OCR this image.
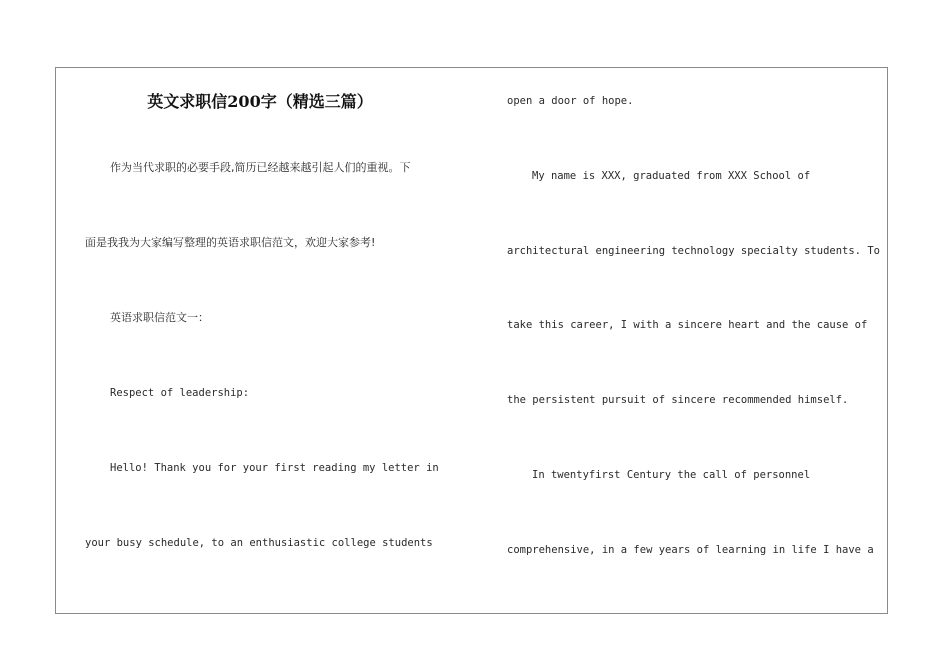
英文求职信200字（精选三篇）
作为当代求职的必要手段,简历已经越来越引起人们的重视。下
面是我我为大家编写整理的英语求职信范文，欢迎大家参考!
英语求职信范文一：
Respect of leadership:
Hello! Thank you for your first reading my letter in
your busy schedule, to an enthusiastic college students
open a door of hope.
My name is XXX, graduated from XXX School of
architectural engineering technology specialty students. To
take this career, I with a sincere heart and the cause of
the persistent pursuit of sincere recommended himself.
In twentyfirst Century the call of personnel
comprehensive, in a few years of learning in life I have a
